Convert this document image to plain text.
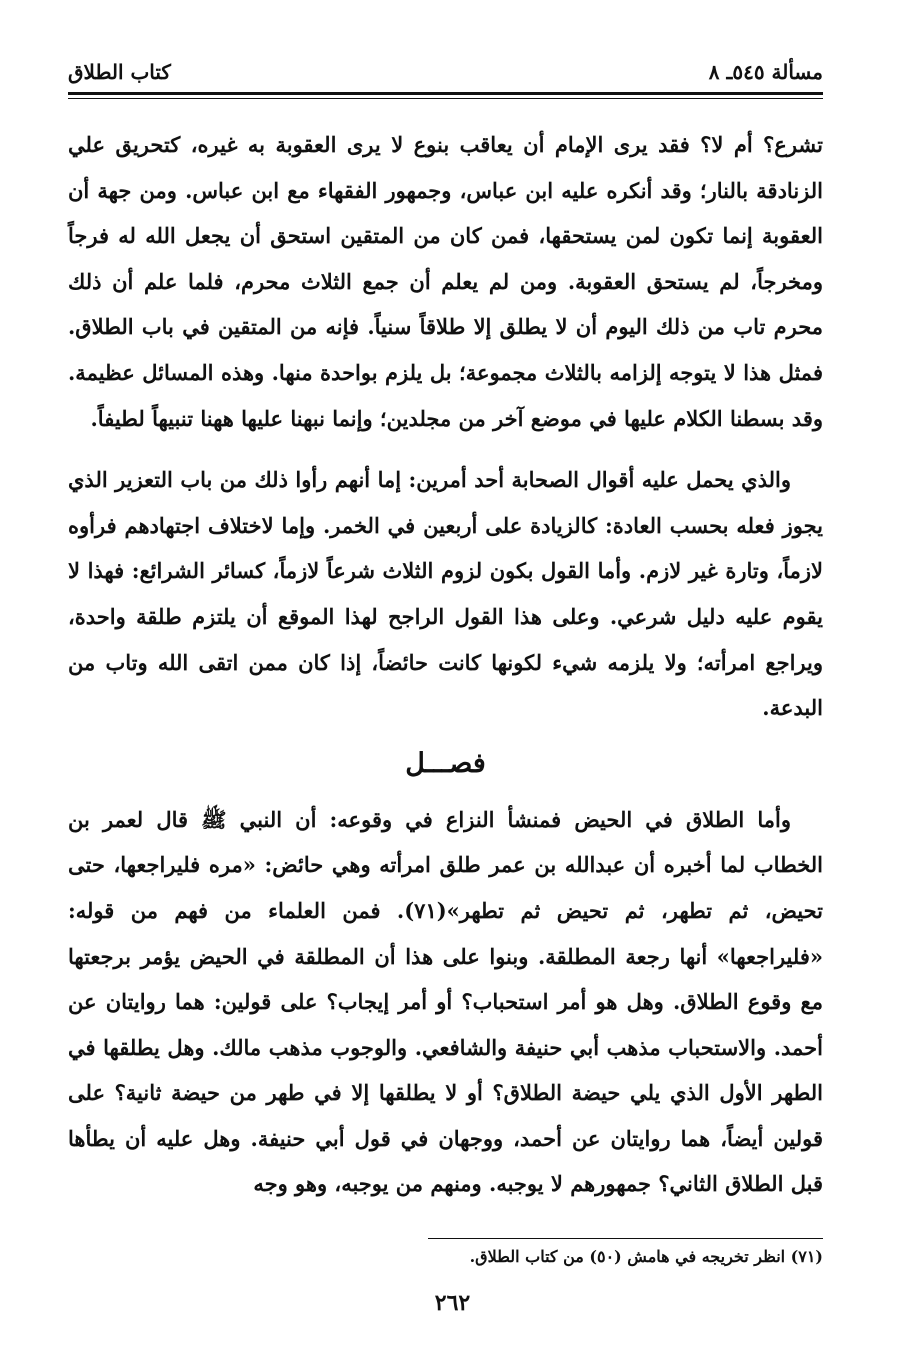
مسألة ٥٤٥ـ ٨
كتاب الطلاق

تشرع؟ أم لا؟ فقد يرى الإمام أن يعاقب بنوع لا يرى العقوبة به غيره، كتحريق علي الزنادقة بالنار؛ وقد أنكره عليه ابن عباس، وجمهور الفقهاء مع ابن عباس. ومن جهة أن العقوبة إنما تكون لمن يستحقها، فمن كان من المتقين استحق أن يجعل الله له فرجاً ومخرجاً، لم يستحق العقوبة. ومن لم يعلم أن جمع الثلاث محرم، فلما علم أن ذلك محرم تاب من ذلك اليوم أن لا يطلق إلا طلاقاً سنياً. فإنه من المتقين في باب الطلاق. فمثل هذا لا يتوجه إلزامه بالثلاث مجموعة؛ بل يلزم بواحدة منها. وهذه المسائل عظيمة. وقد بسطنا الكلام عليها في موضع آخر من مجلدين؛ وإنما نبهنا عليها ههنا تنبيهاً لطيفاً.

والذي يحمل عليه أقوال الصحابة أحد أمرين: إما أنهم رأوا ذلك من باب التعزير الذي يجوز فعله بحسب العادة: كالزيادة على أربعين في الخمر. وإما لاختلاف اجتهادهم فرأوه لازماً، وتارة غير لازم. وأما القول بكون لزوم الثلاث شرعاً لازماً، كسائر الشرائع: فهذا لا يقوم عليه دليل شرعي. وعلى هذا القول الراجح لهذا الموقع أن يلتزم طلقة واحدة، ويراجع امرأته؛ ولا يلزمه شيء لكونها كانت حائضاً، إذا كان ممن اتقى الله وتاب من البدعة.

فصـــل

وأما الطلاق في الحيض فمنشأ النزاع في وقوعه: أن النبي ﷺ قال لعمر بن الخطاب لما أخبره أن عبدالله بن عمر طلق امرأته وهي حائض: «مره فليراجعها، حتى تحيض، ثم تطهر، ثم تحيض ثم تطهر»(٧١). فمن العلماء من فهم من قوله: «فليراجعها» أنها رجعة المطلقة. وبنوا على هذا أن المطلقة في الحيض يؤمر برجعتها مع وقوع الطلاق. وهل هو أمر استحباب؟ أو أمر إيجاب؟ على قولين: هما روايتان عن أحمد. والاستحباب مذهب أبي حنيفة والشافعي. والوجوب مذهب مالك. وهل يطلقها في الطهر الأول الذي يلي حيضة الطلاق؟ أو لا يطلقها إلا في طهر من حيضة ثانية؟ على قولين أيضاً، هما روايتان عن أحمد، ووجهان في قول أبي حنيفة. وهل عليه أن يطأها قبل الطلاق الثاني؟ جمهورهم لا يوجبه. ومنهم من يوجبه، وهو وجه

(٧١) انظر تخريجه في هامش (٥٠) من كتاب الطلاق.
٢٦٢
